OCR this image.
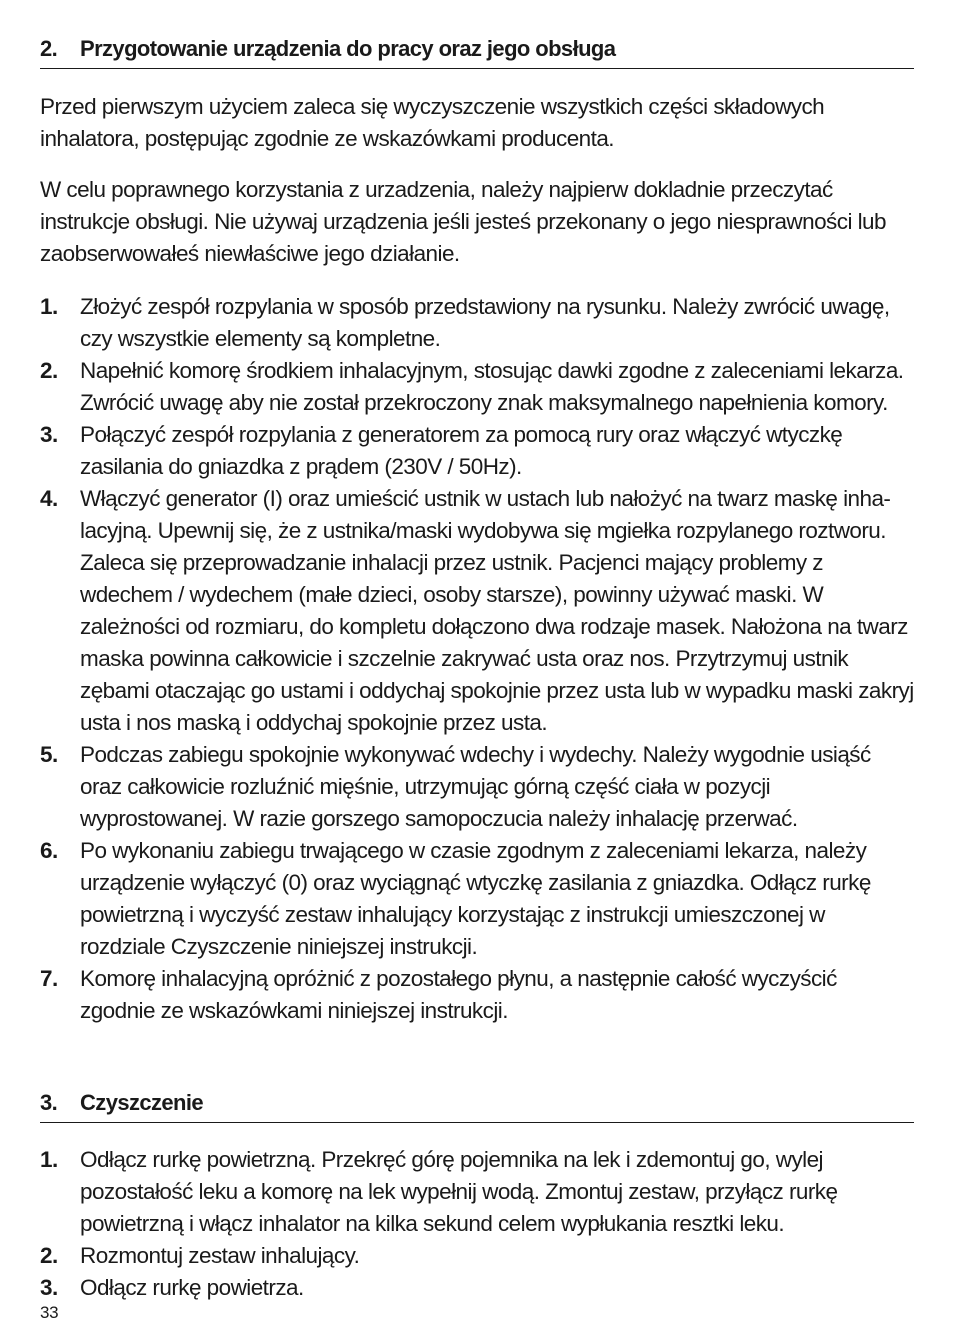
2.	Przygotowanie urządzenia do pracy oraz jego obsługa

Przed pierwszym użyciem zaleca się wyczyszczenie wszystkich części składowych inhalatora, postępując zgodnie ze wskazówkami producenta.

W celu poprawnego korzystania z urzadzenia, należy najpierw dokladnie przeczytać instrukcje obsługi. Nie używaj urządzenia jeśli jesteś przekonany o jego niesprawności lub zaobserwowałeś niewłaściwe jego działanie.

1. Złożyć zespół rozpylania w sposób przedstawiony na rysunku. Należy zwrócić uwagę, czy wszystkie elementy są kompletne.
2. Napełnić komorę środkiem inhalacyjnym, stosując dawki zgodne z zaleceniami lekarza. Zwrócić uwagę aby nie został przekroczony znak maksymalnego napełnienia komory.
3. Połączyć zespół rozpylania z generatorem za pomocą rury oraz włączyć wtyczkę zasilania do gniazdka z prądem (230V / 50Hz).
4. Włączyć generator (I) oraz umieścić ustnik w ustach lub nałożyć na twarz maskę inha-lacyjną. Upewnij się, że z ustnika/maski wydobywa się mgiełka rozpylanego roztworu. Zaleca się przeprowadzanie inhalacji przez ustnik. Pacjenci mający problemy z wdechem / wydechem (małe dzieci, osoby starsze), powinny używać maski. W zależności od rozmiaru, do kompletu dołączono dwa rodzaje masek. Nałożona na twarz maska powinna całkowicie i szczelnie zakrywać usta oraz nos. Przytrzymuj ustnik zębami otaczając go ustami i oddychaj spokojnie przez usta lub w wypadku maski zakryj usta i nos maską i oddychaj spokojnie przez usta.
5. Podczas zabiegu spokojnie wykonywać wdechy i wydechy. Należy wygodnie usiąść oraz całkowicie rozluźnić mięśnie, utrzymując górną część ciała w pozycji wyprostowanej. W razie gorszego samopoczucia należy inhalację przerwać.
6. Po wykonaniu zabiegu trwającego w czasie zgodnym z zaleceniami lekarza, należy urządzenie wyłączyć (0) oraz wyciągnąć wtyczkę zasilania z gniazdka. Odłącz rurkę powietrzną i wyczyść zestaw inhalujący korzystając z instrukcji umieszczonej w rozdziale Czyszczenie niniejszej instrukcji.
7. Komorę inhalacyjną opróżnić z pozostałego płynu, a następnie całość wyczyścić zgodnie ze wskazówkami niniejszej instrukcji.
3.	Czyszczenie
1. Odłącz rurkę powietrzną. Przekręć górę pojemnika na lek i zdemontuj go, wylej pozostałość leku a komorę na lek wypełnij wodą. Zmontuj zestaw, przyłącz rurkę powietrzną i włącz inhalator na kilka sekund celem wypłukania resztki leku.
2. Rozmontuj zestaw inhalujący.
3. Odłącz rurkę powietrza.
33
